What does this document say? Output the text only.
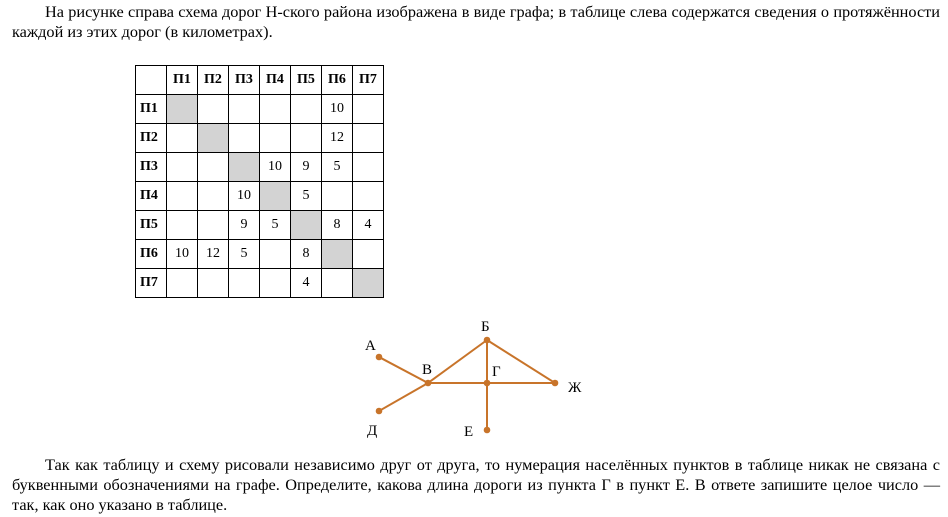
На рисунке справа схема дорог Н-ского района изображена в виде графа; в таблице слева содержатся сведения о протяжённости каждой из этих дорог (в километрах).

	П1	П2	П3	П4	П5	П6	П7
П1						10	
П2						12	
П3				10	9	5	
П4			10		5		
П5			9	5		8	4
П6	10	12	5		8		
П7					4		
А
Б
В	Г
Ж
Д	Е

Так как таблицу и схему рисовали независимо друг от друга, то нумерация населённых пунктов в таблице никак не связана с буквенными обозначениями на графе. Определите, какова длина дороги из пункта Г в пункт Е. В ответе запишите целое число — так, как оно указано в таблице.
